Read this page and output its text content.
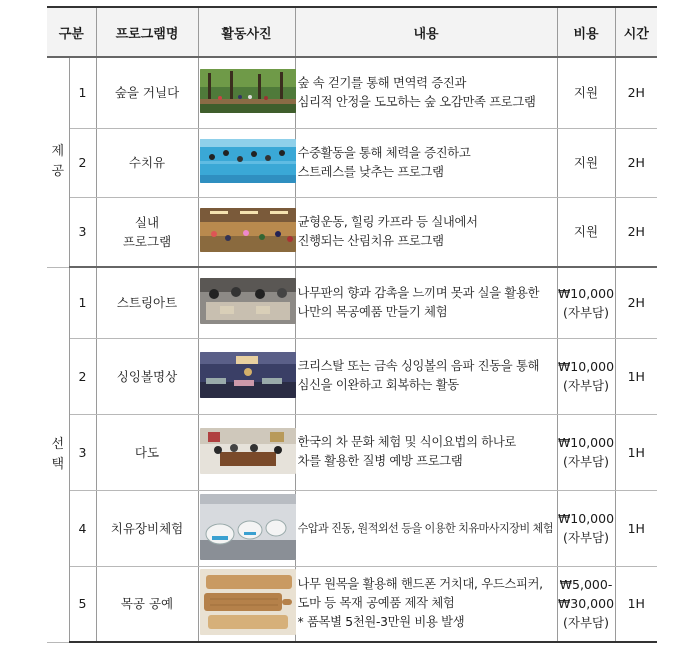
구분		프로그램명	활동사진	내용	비용	시간

제
공	1	숲을 거닐다		숲 속 걷기를 통해 면역력 증진과
심리적 안정을 도모하는 숲 오감만족 프로그램	지원	2H
	2	수치유		수중활동을 통해 체력을 증진하고
스트레스를 낮추는 프로그램	지원	2H
	3	실내
프로그램		균형운동, 힐링 카프라 등 실내에서
진행되는 산림치유 프로그램	지원	2H

선
택	1	스트링아트		나무판의 향과 감촉을 느끼며 못과 실을 활용한
나만의 목공예품 만들기 체험	₩10,000
(자부담)	2H
	2	싱잉볼명상		크리스탈 또는 금속 싱잉볼의 음파 진동을 통해
심신을 이완하고 회복하는 활동	₩10,000
(자부담)	1H
	3	다도		한국의 차 문화 체험 및 식이요법의 하나로
차를 활용한 질병 예방 프로그램	₩10,000
(자부담)	1H
	4	치유장비체험		수압과 진동, 원적외선 등을 이용한 치유마사지장비 체험	₩10,000
(자부담)	1H
	5	목공 공예		나무 원목을 활용해 핸드폰 거치대, 우드스피커,
도마 등 목재 공예품 제작 체험
* 품목별 5천원-3만원 비용 발생	₩5,000-
₩30,000
(자부담)	1H
